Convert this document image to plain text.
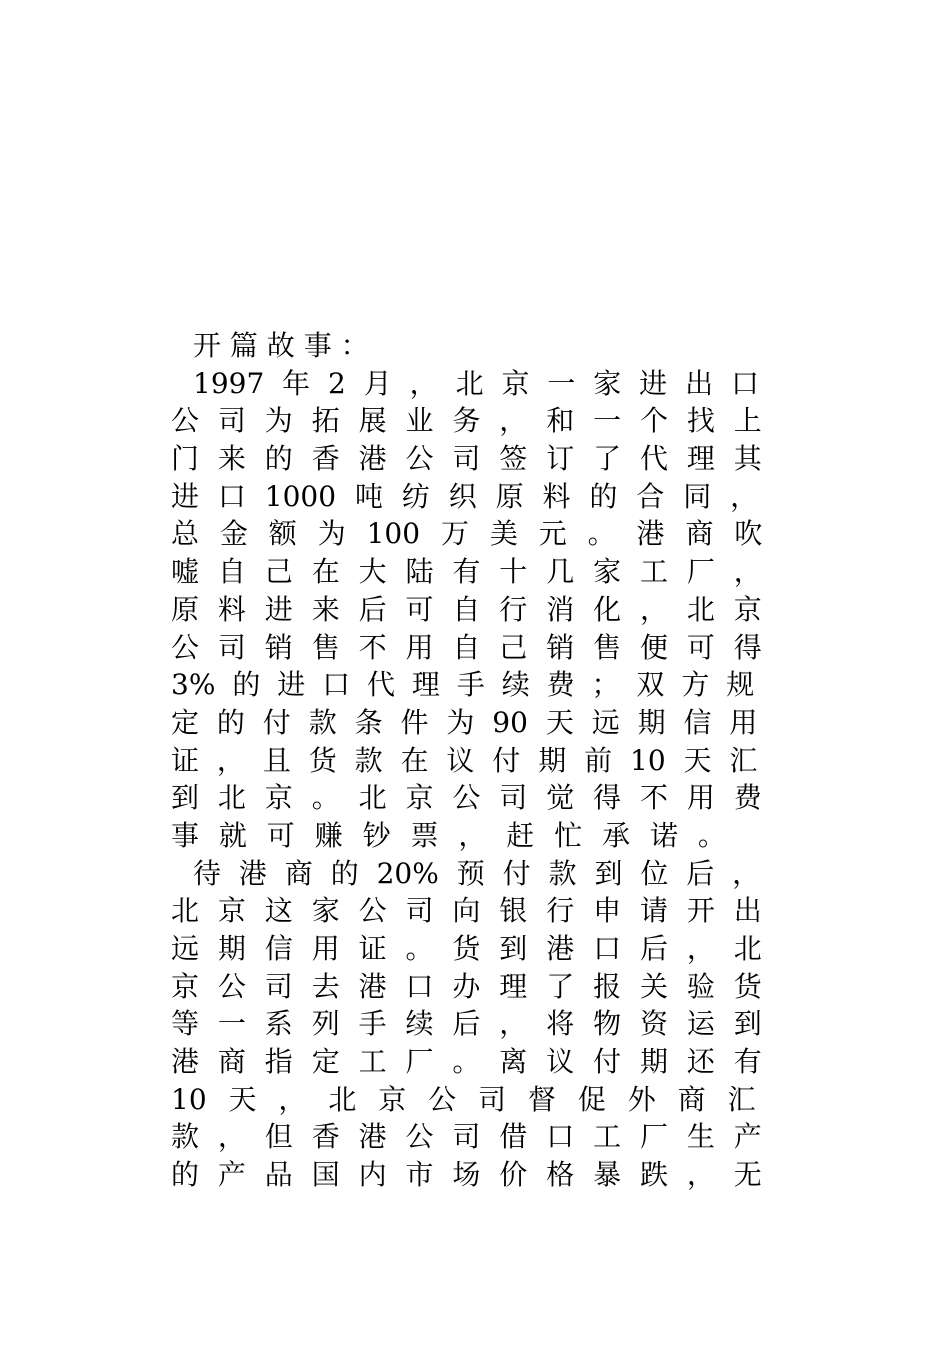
开 篇 故 事 ：
1997 年 2 月 ， 北 京 一 家 进 出 口
公 司 为 拓 展 业 务 ， 和 一 个 找 上
门 来 的 香 港 公 司 签 订 了 代 理 其
进 口 1000 吨 纺 织 原 料 的 合 同 ，
总 金 额 为 100 万 美 元 。 港 商 吹
嘘 自 己 在 大 陆 有 十 几 家 工 厂 ，
原 料 进 来 后 可 自 行 消 化 ， 北 京
公 司 销 售 不 用 自 己 销 售 便 可 得
3% 的 进 口 代 理 手 续 费 ； 双 方 规
定 的 付 款 条 件 为 90 天 远 期 信 用
证 ， 且 货 款 在 议 付 期 前 10 天 汇
到 北 京 。 北 京 公 司 觉 得 不 用 费
事 就 可 赚 钞 票 ， 赶 忙 承 诺 。
待 港 商 的 20% 预 付 款 到 位 后 ，
北 京 这 家 公 司 向 银 行 申 请 开 出
远 期 信 用 证 。 货 到 港 口 后 ， 北
京 公 司 去 港 口 办 理 了 报 关 验 货
等 一 系 列 手 续 后 ， 将 物 资 运 到
港 商 指 定 工 厂 。 离 议 付 期 还 有
10 天 ， 北 京 公 司 督 促 外 商 汇
款 ， 但 香 港 公 司 借 口 工 厂 生 产
的 产 品 国 内 市 场 价 格 暴 跌 ， 无
